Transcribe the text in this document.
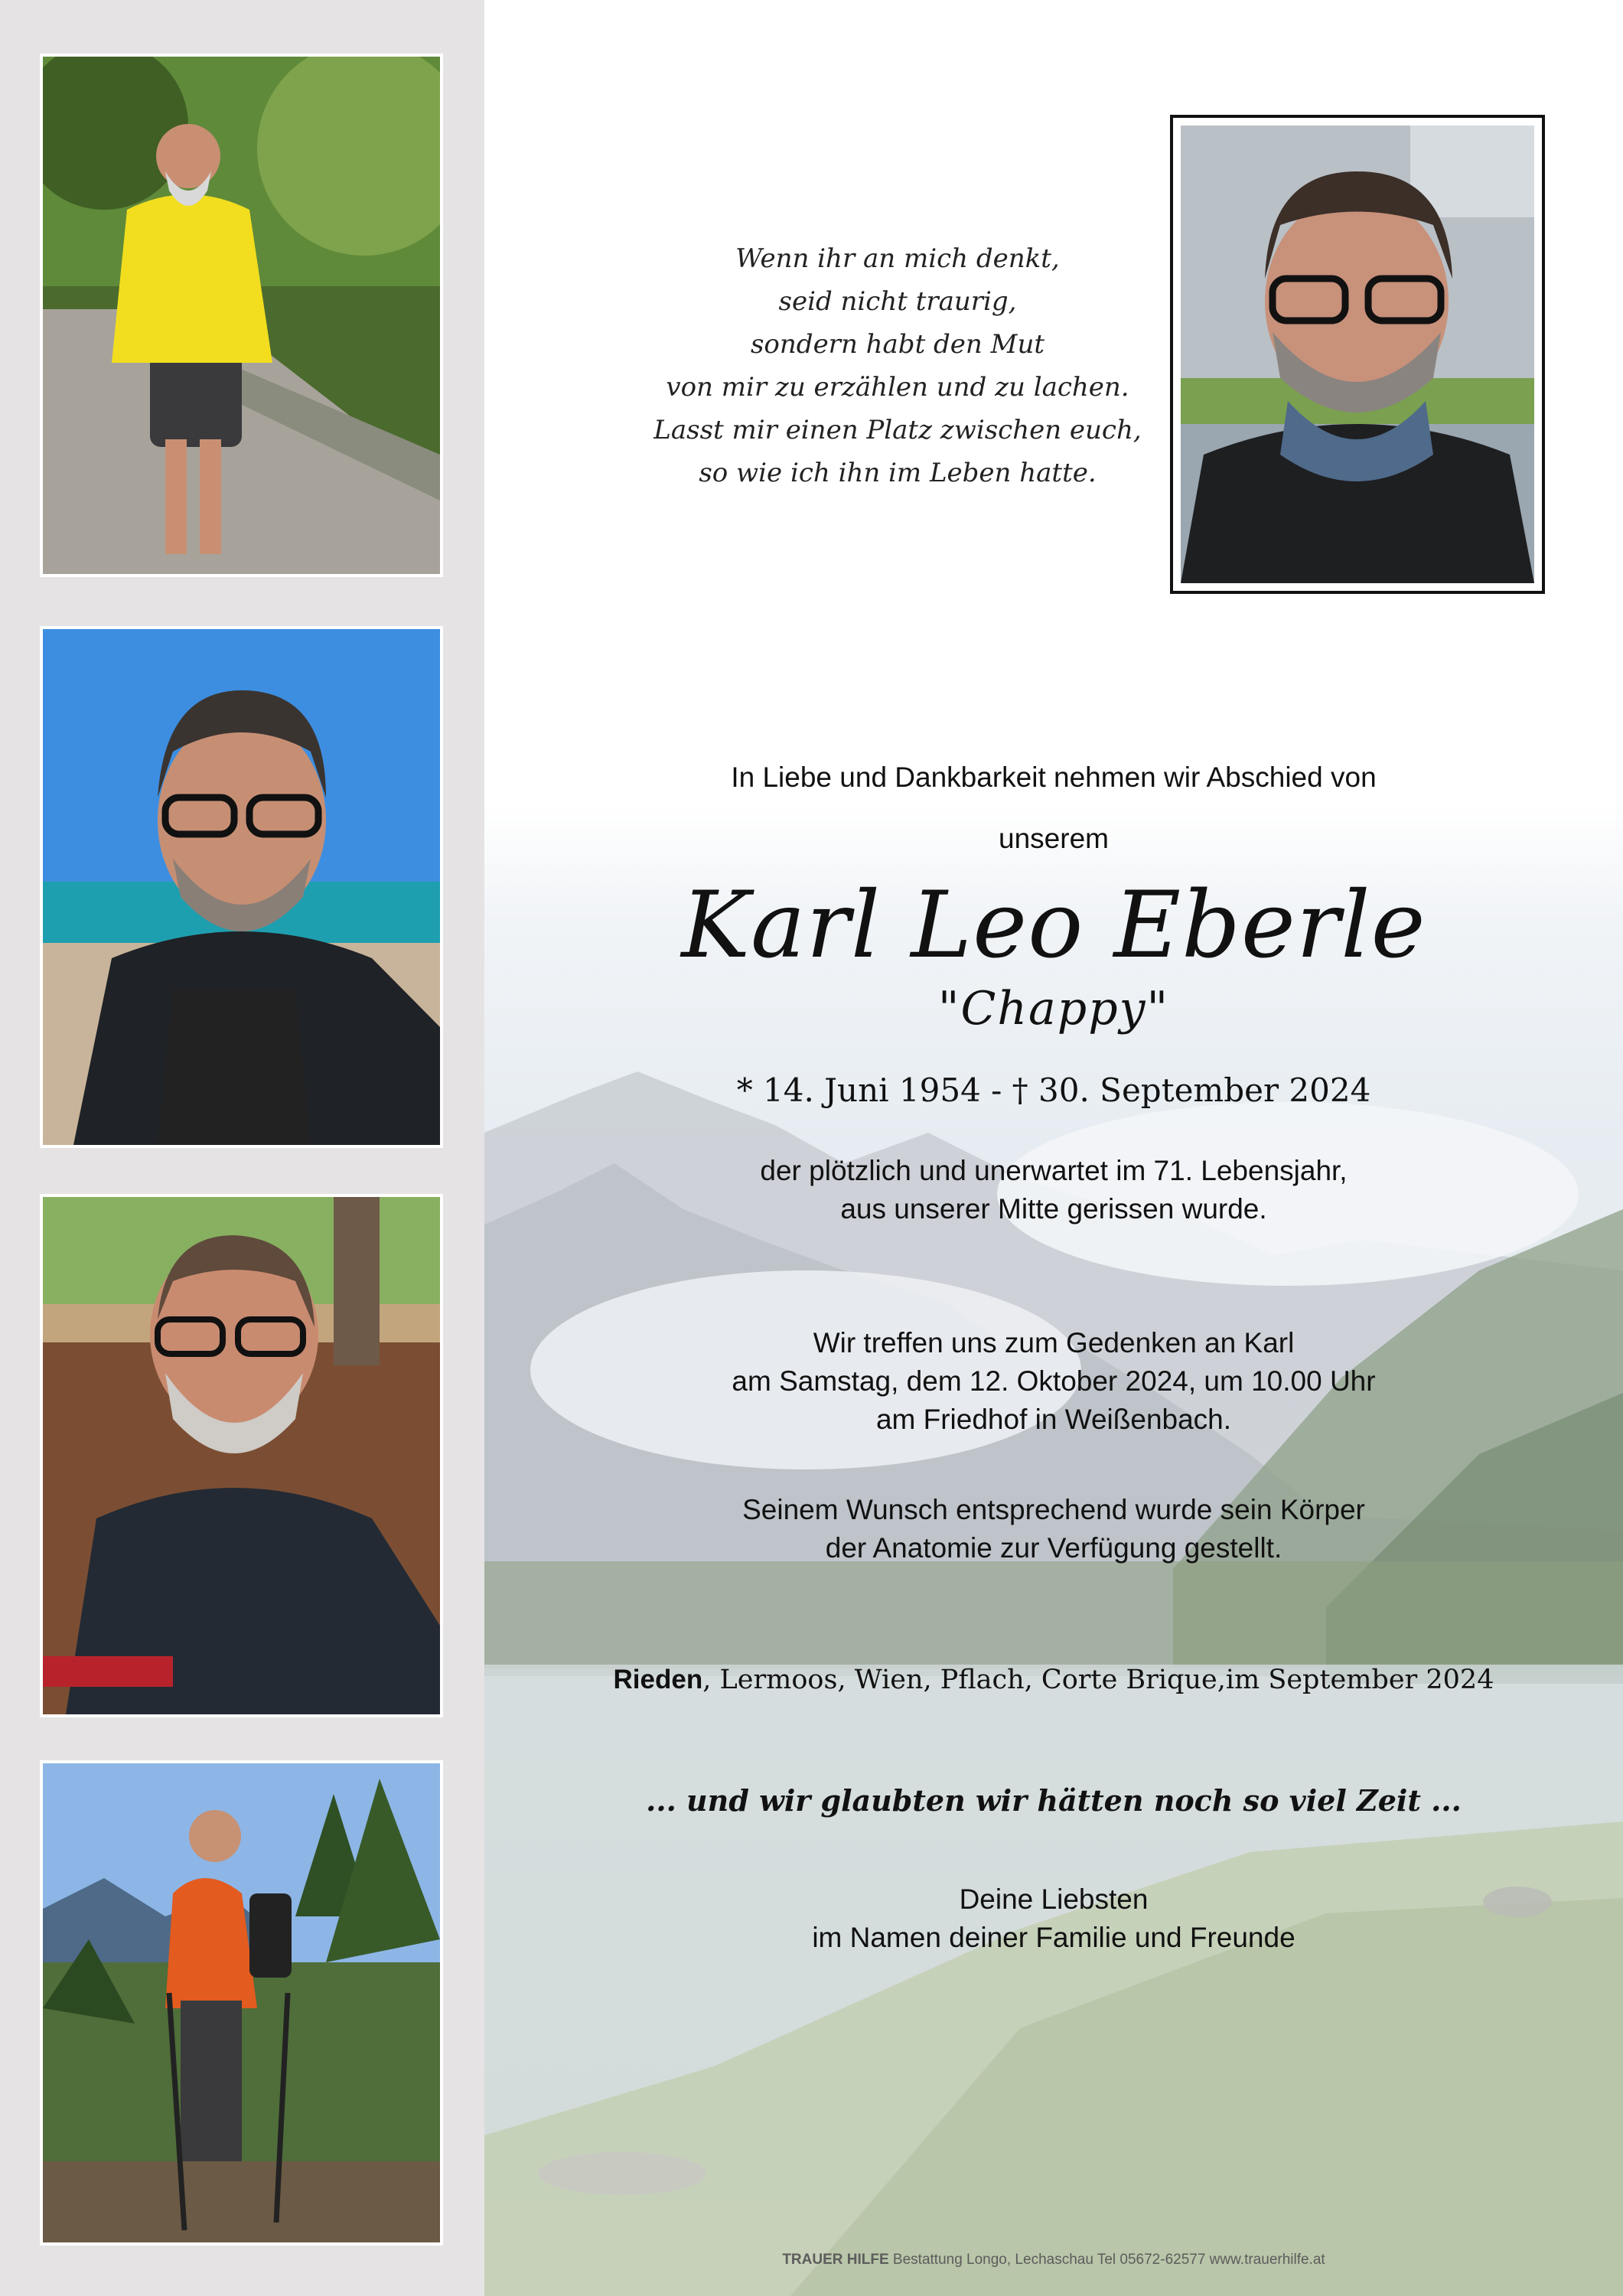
Wenn ihr an mich denkt,
seid nicht traurig,
sondern habt den Mut
von mir zu erzählen und zu lachen.
Lasst mir einen Platz zwischen euch,
so wie ich ihn im Leben hatte.
In Liebe und Dankbarkeit nehmen wir Abschied von
unserem
Karl Leo Eberle
"Chappy"
* 14. Juni 1954 - † 30. September 2024
der plötzlich und unerwartet im 71. Lebensjahr,
aus unserer Mitte gerissen wurde.
Wir treffen uns zum Gedenken an Karl
am Samstag, dem 12. Oktober 2024, um 10.00 Uhr
am Friedhof in Weißenbach.
Seinem Wunsch entsprechend wurde sein Körper
der Anatomie zur Verfügung gestellt.
Rieden, Lermoos, Wien, Pflach, Corte Brique,im September 2024
... und wir glaubten wir hätten noch so viel Zeit ...
Deine Liebsten
im Namen deiner Familie und Freunde
TRAUER HILFE Bestattung Longo, Lechaschau Tel 05672-62577 www.trauerhilfe.at
